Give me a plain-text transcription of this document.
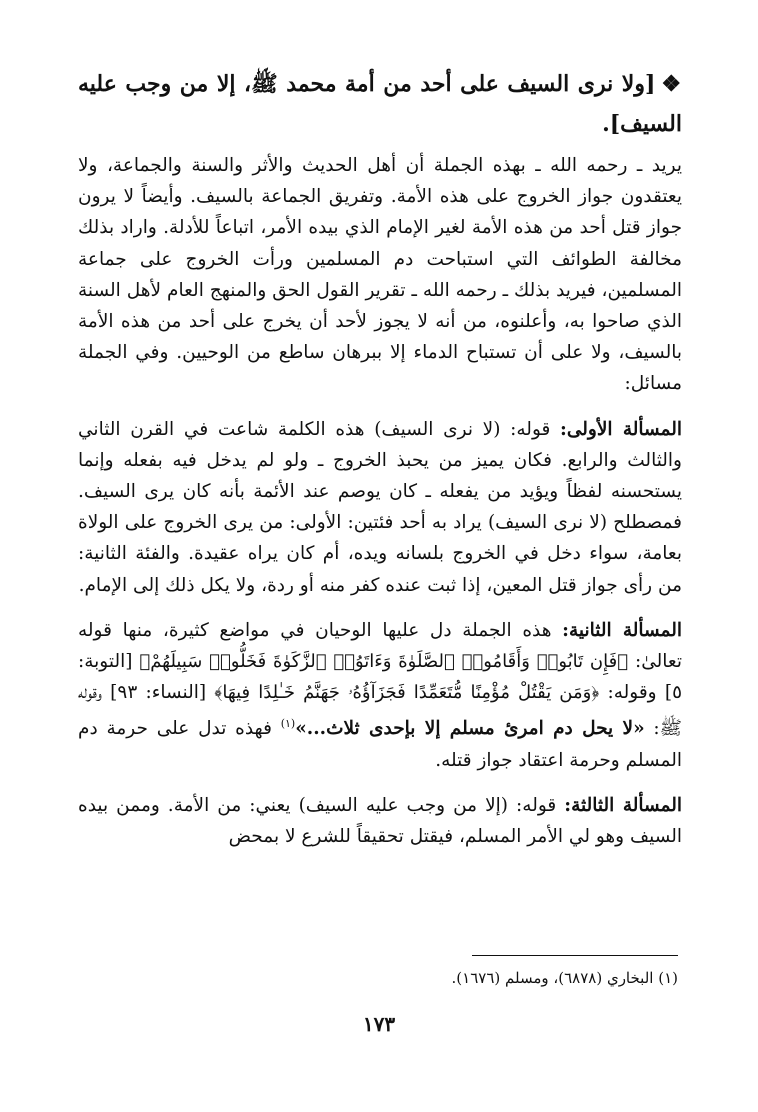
❖[ولا نرى السيف على أحد من أمة محمد ﷺ، إلا من وجب عليه السيف].

يريد ـ رحمه الله ـ بهذه الجملة أن أهل الحديث والأثر والسنة والجماعة، ولا يعتقدون جواز الخروج على هذه الأمة. وتفريق الجماعة بالسيف. وأيضاً لا يرون جواز قتل أحد من هذه الأمة لغير الإمام الذي بيده الأمر، اتباعاً للأدلة. واراد بذلك مخالفة الطوائف التي استباحت دم المسلمين ورأت الخروج على جماعة المسلمين، فيريد بذلك ـ رحمه الله ـ تقرير القول الحق والمنهج العام لأهل السنة الذي صاحوا به، وأعلنوه، من أنه لا يجوز لأحد أن يخرج على أحد من هذه الأمة بالسيف، ولا على أن تستباح الدماء إلا ببرهان ساطع من الوحيين. وفي الجملة مسائل:

المسألة الأولى: قوله: (لا نرى السيف) هذه الكلمة شاعت في القرن الثاني والثالث والرابع. فكان يميز من يحبذ الخروج ـ ولو لم يدخل فيه بفعله وإنما يستحسنه لفظاً ويؤيد من يفعله ـ كان يوصم عند الأئمة بأنه كان يرى السيف. فمصطلح (لا نرى السيف) يراد به أحد فئتين: الأولى: من يرى الخروج على الولاة بعامة، سواء دخل في الخروج بلسانه ويده، أم كان يراه عقيدة. والفئة الثانية: من رأى جواز قتل المعين، إذا ثبت عنده كفر منه أو ردة، ولا يكل ذلك إلى الإمام.

المسألة الثانية: هذه الجملة دل عليها الوحيان في مواضع كثيرة، منها قوله تعالىٰ: ﴿فَإِن تَابُوا۟ وَأَقَامُوا۟ ٱلصَّلَوٰةَ وَءَاتَوُا۟ ٱلزَّكَوٰةَ فَخَلُّوا۟ سَبِيلَهُمْ﴾ [التوبة: ٥] وقوله: ﴿وَمَن يَقْتُلْ مُؤْمِنًا مُّتَعَمِّدًا فَجَزَآؤُهُۥ جَهَنَّمُ خَـٰلِدًا فِيهَا﴾ [النساء: ٩٣] وقوله ﷺ: «لا يحل دم امرئ مسلم إلا بإحدى ثلاث...»$^{(١)}$ فهذه تدل على حرمة دم المسلم وحرمة اعتقاد جواز قتله.

المسألة الثالثة: قوله: (إلا من وجب عليه السيف) يعني: من الأمة. وممن بيده السيف وهو لي الأمر المسلم، فيقتل تحقيقاً للشرع لا بمحض

(١) البخاري (٦٨٧٨)، ومسلم (١٦٧٦).
١٧٣
